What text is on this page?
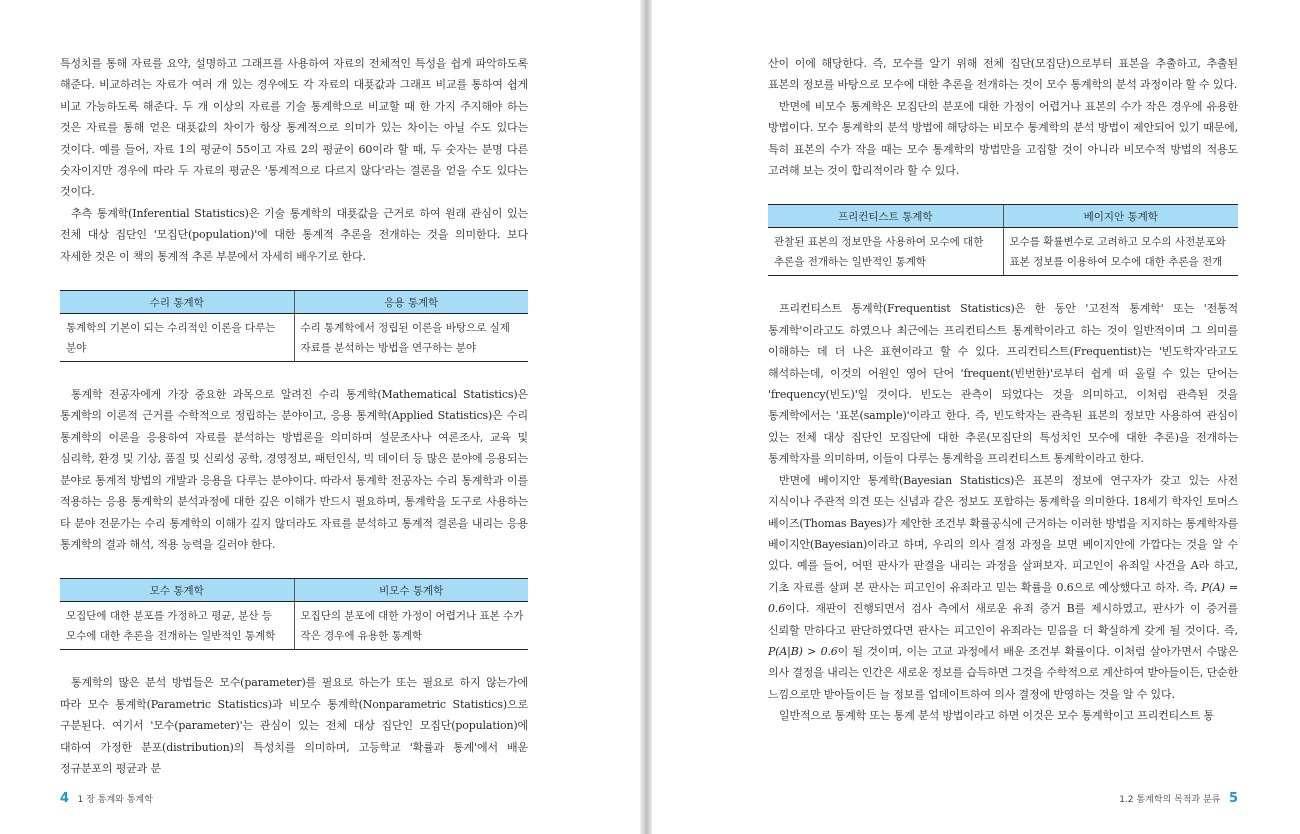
특성치를 통해 자료를 요약, 설명하고 그래프를 사용하여 자료의 전체적인 특성을 쉽게 파악하도록 해준다. 비교하려는 자료가 여러 개 있는 경우에도 각 자료의 대푯값과 그래프 비교를 통하여 쉽게 비교 가능하도록 해준다. 두 개 이상의 자료를 기술 통계학으로 비교할 때 한 가지 주지해야 하는 것은 자료를 통해 얻은 대푯값의 차이가 항상 통계적으로 의미가 있는 차이는 아닐 수도 있다는 것이다. 예를 들어, 자료 1의 평균이 55이고 자료 2의 평균이 60이라 할 때, 두 숫자는 분명 다른 숫자이지만 경우에 따라 두 자료의 평균은 '통계적으로 다르지 않다'라는 결론을 얻을 수도 있다는 것이다.

추측 통계학(Inferential Statistics)은 기술 통계학의 대푯값을 근거로 하여 원래 관심이 있는 전체 대상 집단인 '모집단(population)'에 대한 통계적 추론을 전개하는 것을 의미한다. 보다 자세한 것은 이 책의 통계적 추론 부분에서 자세히 배우기로 한다.

수리 통계학	응용 통계학
통계학의 기본이 되는 수리적인 이론을 다루는 분야	수리 통계학에서 정립된 이론을 바탕으로 실제 자료를 분석하는 방법을 연구하는 분야

통계학 전공자에게 가장 중요한 과목으로 알려진 수리 통계학(Mathematical Statistics)은 통계학의 이론적 근거를 수학적으로 정립하는 분야이고, 응용 통계학(Applied Statistics)은 수리 통계학의 이론을 응용하여 자료를 분석하는 방법론을 의미하며 설문조사나 여론조사, 교육 및 심리학, 환경 및 기상, 품질 및 신뢰성 공학, 경영정보, 패턴인식, 빅 데이터 등 많은 분야에 응용되는 분야로 통계적 방법의 개발과 응용을 다루는 분야이다. 따라서 통계학 전공자는 수리 통계학과 이를 적용하는 응용 통계학의 분석과정에 대한 깊은 이해가 반드시 필요하며, 통계학을 도구로 사용하는 타 분야 전문가는 수리 통계학의 이해가 깊지 않더라도 자료를 분석하고 통계적 결론을 내리는 응용 통계학의 결과 해석, 적용 능력을 길러야 한다.

모수 통계학	비모수 통계학
모집단에 대한 분포를 가정하고 평균, 분산 등 모수에 대한 추론을 전개하는 일반적인 통계학	모집단의 분포에 대한 가정이 어렵거나 표본 수가 작은 경우에 유용한 통계학

통계학의 많은 분석 방법들은 모수(parameter)를 필요로 하는가 또는 필요로 하지 않는가에 따라 모수 통계학(Parametric Statistics)과 비모수 통계학(Nonparametric Statistics)으로 구분된다. 여기서 '모수(parameter)'는 관심이 있는 전체 대상 집단인 모집단(population)에 대하여 가정한 분포(distribution)의 특성치를 의미하며, 고등학교 '확률과 통계'에서 배운 정규분포의 평균과 분

4 1 장 통계와 통계학

산이 이에 해당한다. 즉, 모수를 알기 위해 전체 집단(모집단)으로부터 표본을 추출하고, 추출된 표본의 정보를 바탕으로 모수에 대한 추론을 전개하는 것이 모수 통계학의 분석 과정이라 할 수 있다.

반면에 비모수 통계학은 모집단의 분포에 대한 가정이 어렵거나 표본의 수가 작은 경우에 유용한 방법이다. 모수 통계학의 분석 방법에 해당하는 비모수 통계학의 분석 방법이 제안되어 있기 때문에, 특히 표본의 수가 작을 때는 모수 통계학의 방법만을 고집할 것이 아니라 비모수적 방법의 적용도 고려해 보는 것이 합리적이라 할 수 있다.

프리컨티스트 통계학	베이지안 통계학
관찰된 표본의 정보만을 사용하여 모수에 대한 추론을 전개하는 일반적인 통계학	모수를 확률변수로 고려하고 모수의 사전분포와 표본 정보를 이용하여 모수에 대한 추론을 전개

프리컨티스트 통계학(Frequentist Statistics)은 한 동안 '고전적 통계학' 또는 '전통적 통계학'이라고도 하였으나 최근에는 프리컨티스트 통계학이라고 하는 것이 일반적이며 그 의미를 이해하는 데 더 나은 표현이라고 할 수 있다. 프리컨티스트(Frequentist)는 '빈도학자'라고도 해석하는데, 이것의 어원인 영어 단어 'frequent(빈번한)'로부터 쉽게 떠 올릴 수 있는 단어는 'frequency(빈도)'일 것이다. 빈도는 관측이 되었다는 것을 의미하고, 이처럼 관측된 것을 통계학에서는 '표본(sample)'이라고 한다. 즉, 빈도학자는 관측된 표본의 정보만 사용하여 관심이 있는 전체 대상 집단인 모집단에 대한 추론(모집단의 특성치인 모수에 대한 추론)을 전개하는 통계학자를 의미하며, 이들이 다루는 통계학을 프리컨티스트 통계학이라고 한다.

반면에 베이지안 통계학(Bayesian Statistics)은 표본의 정보에 연구자가 갖고 있는 사전 지식이나 주관적 의견 또는 신념과 같은 정보도 포함하는 통계학을 의미한다. 18세기 학자인 토머스 베이즈(Thomas Bayes)가 제안한 조건부 확률공식에 근거하는 이러한 방법을 지지하는 통계학자를 베이지안(Bayesian)이라고 하며, 우리의 의사 결정 과정을 보면 베이지안에 가깝다는 것을 알 수 있다. 예를 들어, 어떤 판사가 판결을 내리는 과정을 살펴보자. 피고인이 유죄일 사건을 A라 하고, 기초 자료를 살펴 본 판사는 피고인이 유죄라고 믿는 확률을 0.6으로 예상했다고 하자. 즉, P(A) = 0.6이다. 재판이 진행되면서 검사 측에서 새로운 유죄 증거 B를 제시하였고, 판사가 이 증거를 신뢰할 만하다고 판단하였다면 판사는 피고인이 유죄라는 믿음을 더 확실하게 갖게 될 것이다. 즉, P(A|B) > 0.6이 될 것이며, 이는 고교 과정에서 배운 조건부 확률이다. 이처럼 살아가면서 수많은 의사 결정을 내리는 인간은 새로운 정보를 습득하면 그것을 수학적으로 계산하여 받아들이든, 단순한 느낌으로만 받아들이든 늘 정보를 업데이트하여 의사 결정에 반영하는 것을 알 수 있다.

일반적으로 통계학 또는 통계 분석 방법이라고 하면 이것은 모수 통계학이고 프리컨티스트 통

1.2 통계학의 목적과 분류 5
